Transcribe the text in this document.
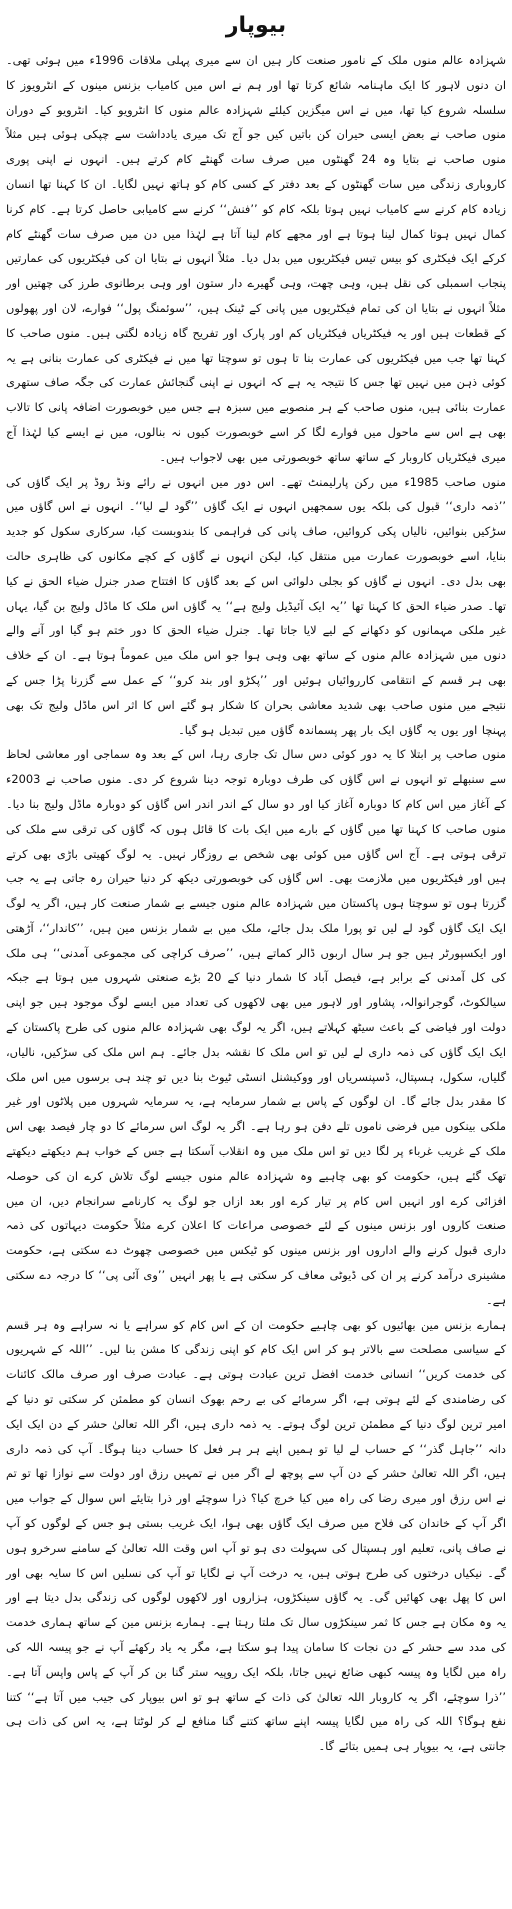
بیوپار

شہزادہ عالم منوں ملک کے نامور صنعت کار ہیں ان سے میری پہلی ملاقات 1996ء میں ہوئی تھی۔ ان دنوں لاہور کا ایک ماہنامہ شائع کرتا تھا اور ہم نے اس میں کامیاب بزنس مینوں کے انٹرویوز کا سلسلہ شروع کیا تھا، میں نے اس میگزین کیلئے شہزادہ عالم منوں کا انٹرویو کیا۔ انٹرویو کے دوران منوں صاحب نے بعض ایسی حیران کن باتیں کیں جو آج تک میری یادداشت سے چپکی ہوئی ہیں مثلاً منوں صاحب نے بتایا وہ 24 گھنٹوں میں صرف سات گھنٹے کام کرتے ہیں۔ انہوں نے اپنی پوری کاروباری زندگی میں سات گھنٹوں کے بعد دفتر کے کسی کام کو ہاتھ نہیں لگایا۔ ان کا کہنا تھا انسان زیادہ کام کرنے سے کامیاب نہیں ہوتا بلکہ کام کو ’’فنش‘‘ کرنے سے کامیابی حاصل کرتا ہے۔ کام کرنا کمال نہیں ہوتا کمال لینا ہوتا ہے اور مجھے کام لینا آتا ہے لہٰذا میں دن میں صرف سات گھنٹے کام کرکے ایک فیکٹری کو بیس تیس فیکٹریوں میں بدل دیا۔ مثلاً انہوں نے بتایا ان کی فیکٹریوں کی عمارتیں پنجاب اسمبلی کی نقل ہیں، وہی چھت، وہی گھیرے دار ستون اور وہی برطانوی طرز کی چھتیں اور مثلاً انہوں نے بتایا ان کی تمام فیکٹریوں میں پانی کے ٹینک ہیں، ’’سوئمنگ پول‘‘ فوارے، لان اور پھولوں کے قطعات ہیں اور یہ فیکٹریاں فیکٹریاں کم اور پارک اور تفریح گاہ زیادہ لگتی ہیں۔ منوں صاحب کا کہنا تھا جب میں فیکٹریوں کی عمارت بنا تا ہوں تو سوچتا تھا میں نے فیکٹری کی عمارت بنانی ہے یہ کوئی ذہن میں نہیں تھا جس کا نتیجہ یہ ہے کہ انہوں نے اپنی گنجائش عمارت کی جگہ صاف ستھری عمارت بنائی ہیں، منوں صاحب کے ہر منصوبے میں سبزہ ہے جس میں خوبصورت اضافہ پانی کا تالاب بھی ہے اس سے ماحول میں فوارے لگا کر اسے خوبصورت کیوں نہ بنالوں، میں نے ایسے کیا لہٰذا آج میری فیکٹریاں کاروبار کے ساتھ ساتھ خوبصورتی میں بھی لاجواب ہیں۔

منوں صاحب 1985ء میں رکن پارلیمنٹ تھے۔ اس دور میں انہوں نے رائے ونڈ روڈ پر ایک گاؤں کی ’’ذمہ داری‘‘ قبول کی بلکہ یوں سمجھیں انہوں نے ایک گاؤں ’’گود لے لیا‘‘۔ انہوں نے اس گاؤں میں سڑکیں بنوائیں، نالیاں پکی کروائیں، صاف پانی کی فراہمی کا بندوبست کیا، سرکاری سکول کو جدید بنایا، اسے خوبصورت عمارت میں منتقل کیا، لیکن انہوں نے گاؤں کے کچے مکانوں کی ظاہری حالت بھی بدل دی۔ انہوں نے گاؤں کو بجلی دلوائی اس کے بعد گاؤں کا افتتاح صدر جنرل ضیاء الحق نے کیا تھا۔ صدر ضیاء الحق کا کہنا تھا ’’یہ ایک آئیڈیل ولیج ہے‘‘ یہ گاؤں اس ملک کا ماڈل ولیج بن گیا، یہاں غیر ملکی مہمانوں کو دکھانے کے لیے لایا جاتا تھا۔ جنرل ضیاء الحق کا دور ختم ہو گیا اور آنے والے دنوں میں شہزادہ عالم منوں کے ساتھ بھی وہی ہوا جو اس ملک میں عموماً ہوتا ہے۔ ان کے خلاف بھی ہر قسم کے انتقامی کارروائیاں ہوئیں اور ’’پکڑو اور بند کرو‘‘ کے عمل سے گزرنا پڑا جس کے نتیجے میں منوں صاحب بھی شدید معاشی بحران کا شکار ہو گئے اس کا اثر اس ماڈل ولیج تک بھی پہنچا اور یوں یہ گاؤں ایک بار پھر پسماندہ گاؤں میں تبدیل ہو گیا۔

منوں صاحب پر ابتلا کا یہ دور کوئی دس سال تک جاری رہا، اس کے بعد وہ سماجی اور معاشی لحاظ سے سنبھلے تو انہوں نے اس گاؤں کی طرف دوبارہ توجہ دینا شروع کر دی۔ منوں صاحب نے 2003ء کے آغاز میں اس کام کا دوبارہ آغاز کیا اور دو سال کے اندر اندر اس گاؤں کو دوبارہ ماڈل ولیج بنا دیا۔ منوں صاحب کا کہنا تھا میں گاؤں کے بارے میں ایک بات کا قائل ہوں کہ گاؤں کی ترقی سے ملک کی ترقی ہوتی ہے۔ آج اس گاؤں میں کوئی بھی شخص بے روزگار نہیں۔ یہ لوگ کھیتی باڑی بھی کرتے ہیں اور فیکٹریوں میں ملازمت بھی۔ اس گاؤں کی خوبصورتی دیکھ کر دنیا حیران رہ جاتی ہے یہ جب گزرتا ہوں تو سوچتا ہوں پاکستان میں شہزادہ عالم منوں جیسے بے شمار صنعت کار ہیں، اگر یہ لوگ ایک ایک گاؤں گود لے لیں تو پورا ملک بدل جائے، ملک میں بے شمار بزنس مین ہیں، ’’کاندار‘‘، آڑھتی اور ایکسپورٹر ہیں جو ہر سال اربوں ڈالر کماتے ہیں، ’’صرف کراچی کی مجموعی آمدنی‘‘ ہی ملک کی کل آمدنی کے برابر ہے، فیصل آباد کا شمار دنیا کے 20 بڑے صنعتی شہروں میں ہوتا ہے جبکہ سیالکوٹ، گوجرانوالہ، پشاور اور لاہور میں بھی لاکھوں کی تعداد میں ایسے لوگ موجود ہیں جو اپنی دولت اور فیاضی کے باعث سیٹھ کہلاتے ہیں، اگر یہ لوگ بھی شہزادہ عالم منوں کی طرح پاکستان کے ایک ایک گاؤں کی ذمہ داری لے لیں تو اس ملک کا نقشہ بدل جائے۔ ہم اس ملک کی سڑکیں، نالیاں، گلیاں، سکول، ہسپتال، ڈسپنسریاں اور ووکیشنل انسٹی ٹیوٹ بنا دیں تو چند ہی برسوں میں اس ملک کا مقدر بدل جائے گا۔ ان لوگوں کے پاس بے شمار سرمایہ ہے، یہ سرمایہ شہروں میں پلاٹوں اور غیر ملکی بینکوں میں فرضی ناموں تلے دفن ہو رہا ہے۔ اگر یہ لوگ اس سرمائے کا دو چار فیصد بھی اس ملک کے غریب غرباء پر لگا دیں تو اس ملک میں وہ انقلاب آسکتا ہے جس کے خواب ہم دیکھتے دیکھتے تھک گئے ہیں، حکومت کو بھی چاہیے وہ شہزادہ عالم منوں جیسے لوگ تلاش کرے ان کی حوصلہ افزائی کرے اور انہیں اس کام پر تیار کرے اور بعد ازاں جو لوگ یہ کارنامے سرانجام دیں، ان میں صنعت کاروں اور بزنس مینوں کے لئے خصوصی مراعات کا اعلان کرے مثلاً حکومت دیہاتوں کی ذمہ داری قبول کرنے والے اداروں اور بزنس مینوں کو ٹیکس میں خصوصی چھوٹ دے سکتی ہے، حکومت مشینری درآمد کرنے پر ان کی ڈیوٹی معاف کر سکتی ہے یا پھر انہیں ’’وی آئی پی‘‘ کا درجہ دے سکتی ہے۔

ہمارے بزنس مین بھائیوں کو بھی چاہیے حکومت ان کے اس کام کو سراہے یا نہ سراہے وہ ہر قسم کے سیاسی مصلحت سے بالاتر ہو کر اس ایک کام کو اپنی زندگی کا مشن بنا لیں۔ ’’اللہ کے شہریوں کی خدمت کریں‘‘ انسانی خدمت افضل ترین عبادت ہوتی ہے۔ عبادت صرف اور صرف مالک کائنات کی رضامندی کے لئے ہوتی ہے، اگر سرمائے کی بے رحم بھوک انسان کو مطمئن کر سکتی تو دنیا کے امیر ترین لوگ دنیا کے مطمئن ترین لوگ ہوتے۔ یہ ذمہ داری ہیں، اگر اللہ تعالیٰ حشر کے دن ایک ایک دانہ ’’جاہل گذر‘‘ کے حساب لے لیا تو ہمیں اپنے ہر ہر فعل کا حساب دینا ہوگا۔ آپ کی ذمہ داری ہیں، اگر اللہ تعالیٰ حشر کے دن آپ سے پوچھ لے اگر میں نے تمہیں رزق اور دولت سے نوازا تھا تو تم نے اس رزق اور میری رضا کی راہ میں کیا خرچ کیا؟ ذرا سوچئے اور ذرا بتایئے اس سوال کے جواب میں اگر آپ کے خاندان کی فلاح میں صرف ایک گاؤں بھی ہوا، ایک غریب بستی ہو جس کے لوگوں کو آپ نے صاف پانی، تعلیم اور ہسپتال کی سہولت دی ہو تو آپ اس وقت اللہ تعالیٰ کے سامنے سرخرو ہوں گے۔ نیکیاں درختوں کی طرح ہوتی ہیں، یہ درخت آپ نے لگایا تو آپ کی نسلیں اس کا سایہ بھی اور اس کا پھل بھی کھائیں گی۔ یہ گاؤں سینکڑوں، ہزاروں اور لاکھوں لوگوں کی زندگی بدل دیتا ہے اور یہ وہ مکان ہے جس کا ثمر سینکڑوں سال تک ملتا رہتا ہے۔ ہمارے بزنس مین کے ساتھ ہماری خدمت کی مدد سے حشر کے دن نجات کا سامان پیدا ہو سکتا ہے، مگر یہ یاد رکھئے آپ نے جو پیسہ اللہ کی راہ میں لگایا وہ پیسہ کبھی ضائع نہیں جاتا، بلکہ ایک روپیہ ستر گنا بن کر آپ کے پاس واپس آتا ہے۔ ’’ذرا سوچئے، اگر یہ کاروبار اللہ تعالیٰ کی ذات کے ساتھ ہو تو اس بیوپار کی جیب میں آتا ہے‘‘ کتنا نفع ہوگا؟ اللہ کی راہ میں لگایا پیسہ اپنے ساتھ کتنے گنا منافع لے کر لوٹتا ہے، یہ اس کی ذات ہی جانتی ہے، یہ بیوپار ہی ہمیں بتائے گا۔
